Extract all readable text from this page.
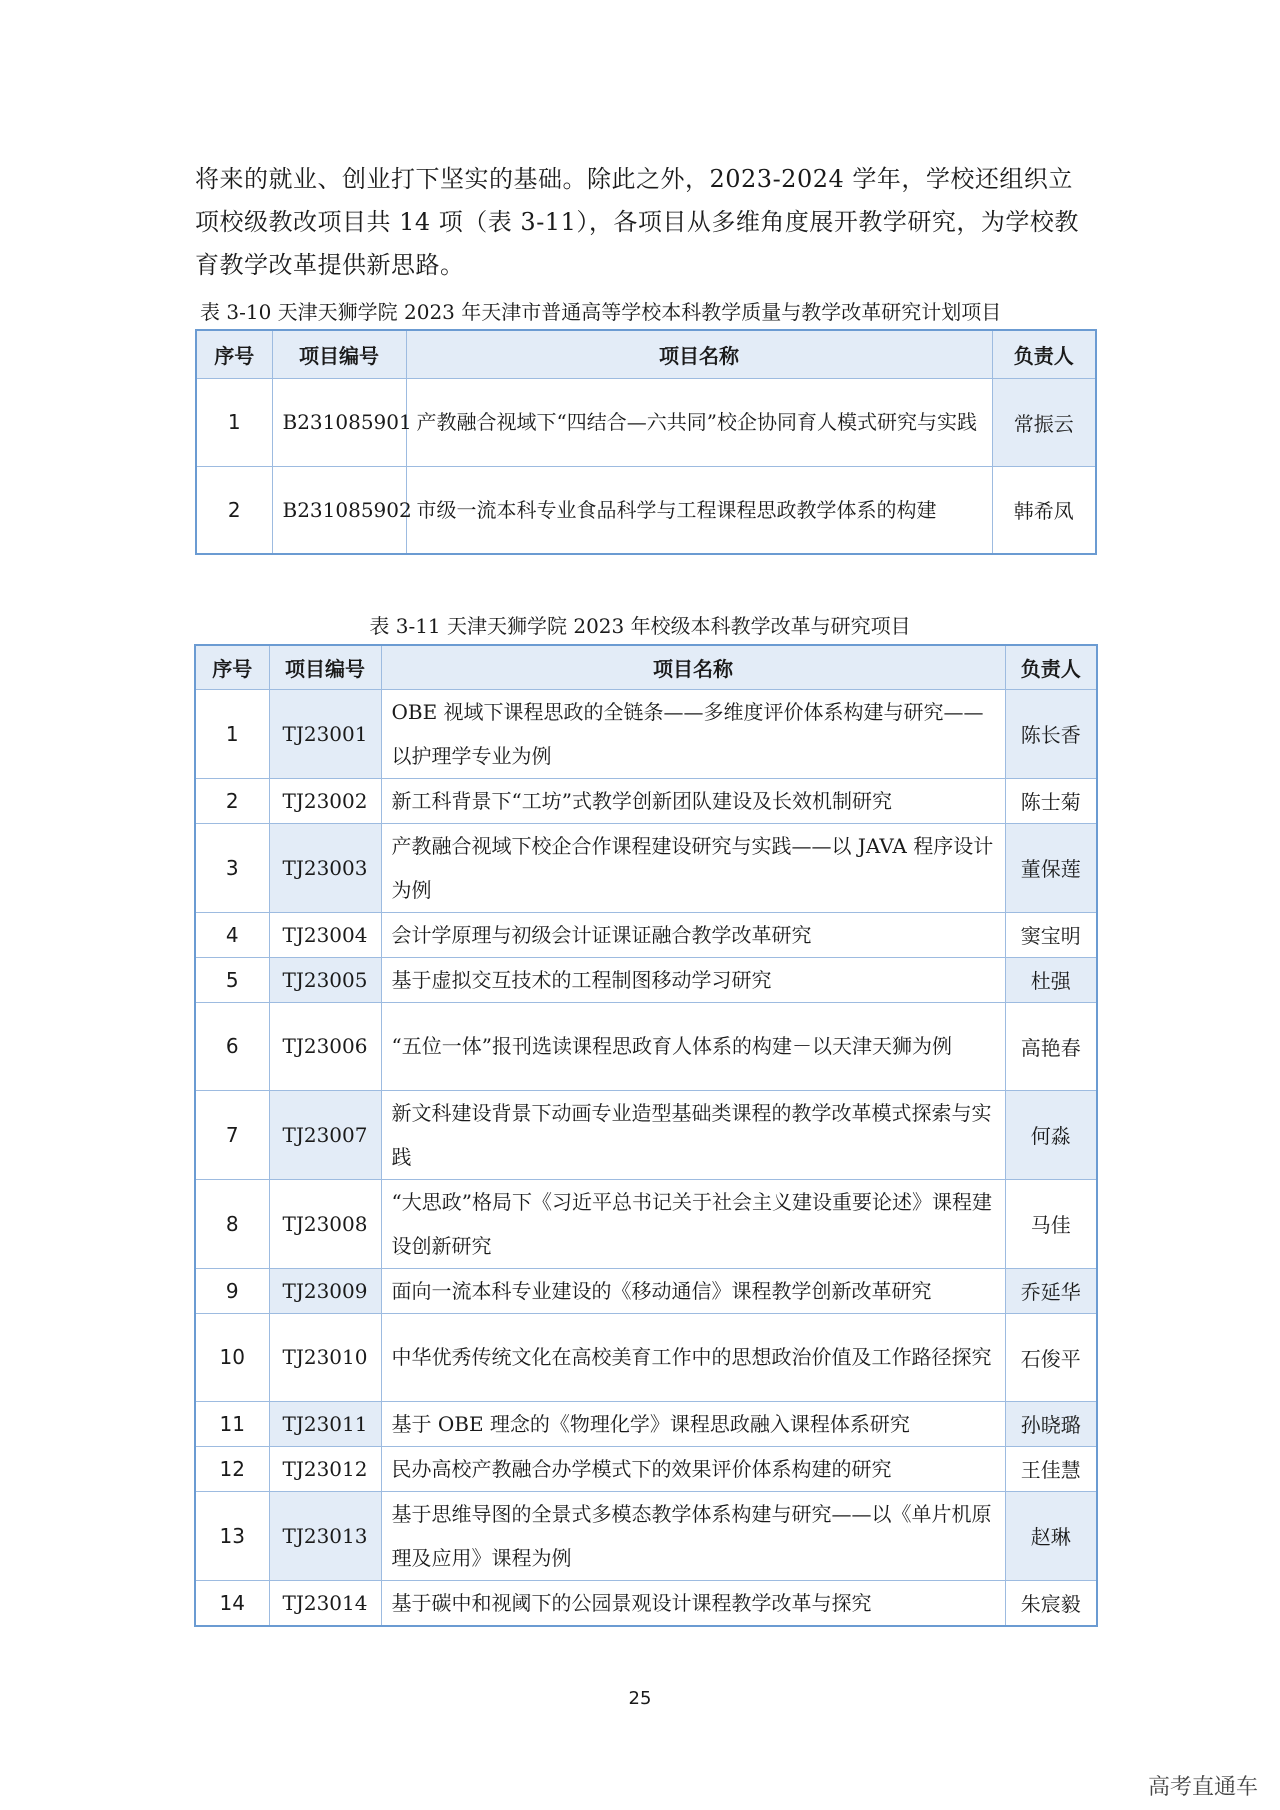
将来的就业、创业打下坚实的基础。除此之外，2023-2024 学年，学校还组织立项校级教改项目共 14 项（表 3-11），各项目从多维角度展开教学研究，为学校教育教学改革提供新思路。

表 3-10 天津天狮学院 2023 年天津市普通高等学校本科教学质量与教学改革研究计划项目

序号	项目编号	项目名称	负责人
1	B231085901	产教融合视域下“四结合—六共同”校企协同育人模式研究与实践	常振云
2	B231085902	市级一流本科专业食品科学与工程课程思政教学体系的构建	韩希凤

表 3-11 天津天狮学院 2023 年校级本科教学改革与研究项目

序号	项目编号	项目名称	负责人
1	TJ23001	OBE 视域下课程思政的全链条——多维度评价体系构建与研究——以护理学专业为例	陈长香
2	TJ23002	新工科背景下“工坊”式教学创新团队建设及长效机制研究	陈士菊
3	TJ23003	产教融合视域下校企合作课程建设研究与实践——以 JAVA 程序设计为例	董保莲
4	TJ23004	会计学原理与初级会计证课证融合教学改革研究	窦宝明
5	TJ23005	基于虚拟交互技术的工程制图移动学习研究	杜强
6	TJ23006	“五位一体”报刊选读课程思政育人体系的构建－以天津天狮为例	高艳春
7	TJ23007	新文科建设背景下动画专业造型基础类课程的教学改革模式探索与实践	何淼
8	TJ23008	“大思政”格局下《习近平总书记关于社会主义建设重要论述》课程建设创新研究	马佳
9	TJ23009	面向一流本科专业建设的《移动通信》课程教学创新改革研究	乔延华
10	TJ23010	中华优秀传统文化在高校美育工作中的思想政治价值及工作路径探究	石俊平
11	TJ23011	基于 OBE 理念的《物理化学》课程思政融入课程体系研究	孙晓璐
12	TJ23012	民办高校产教融合办学模式下的效果评价体系构建的研究	王佳慧
13	TJ23013	基于思维导图的全景式多模态教学体系构建与研究——以《单片机原理及应用》课程为例	赵琳
14	TJ23014	基于碳中和视阈下的公园景观设计课程教学改革与探究	朱宸毅
25
高考直通车
